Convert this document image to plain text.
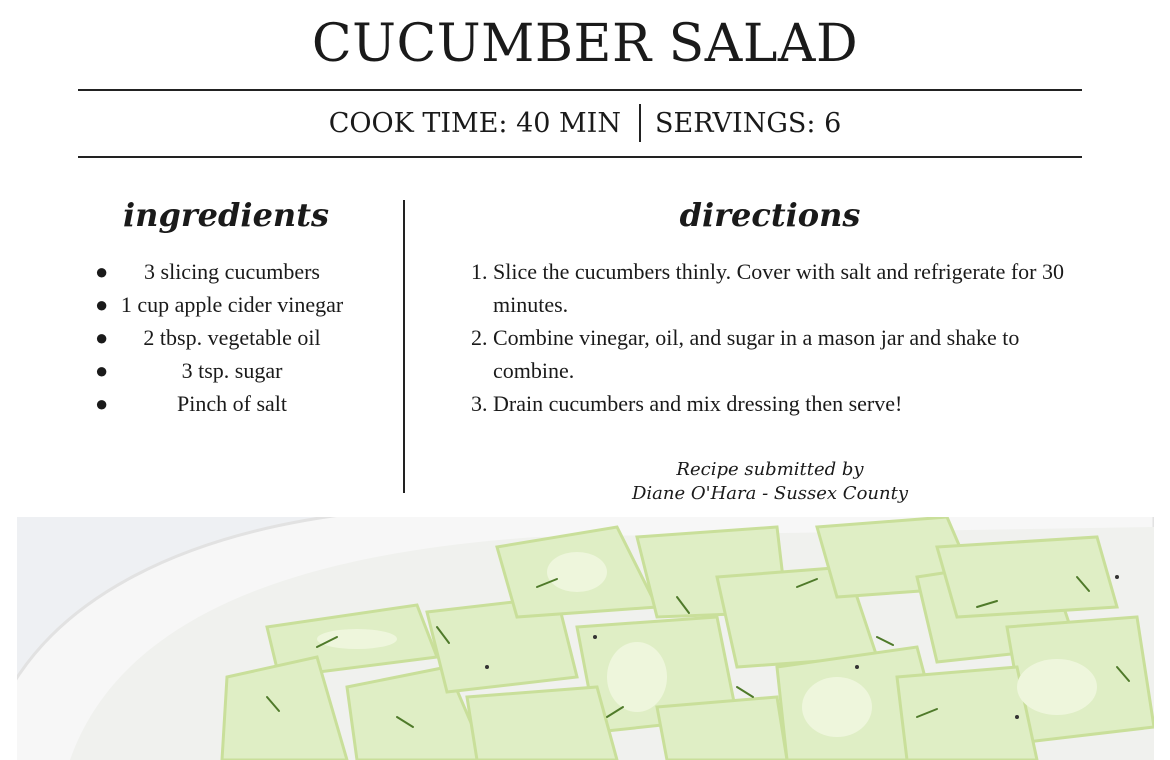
CUCUMBER SALAD
COOK TIME: 40 MIN SERVINGS: 6
ingredients	directions
● 3 slicing cucumbers
● 1 cup apple cider vinegar
● 2 tbsp. vegetable oil
●	3 tsp. sugar
●	Pinch of salt
1. Slice the cucumbers thinly. Cover with salt and refrigerate for 30 minutes.
2. Combine vinegar, oil, and sugar in a mason jar and shake to combine.
3. Drain cucumbers and mix dressing then serve!
Recipe submitted by
Diane O'Hara - Sussex County
